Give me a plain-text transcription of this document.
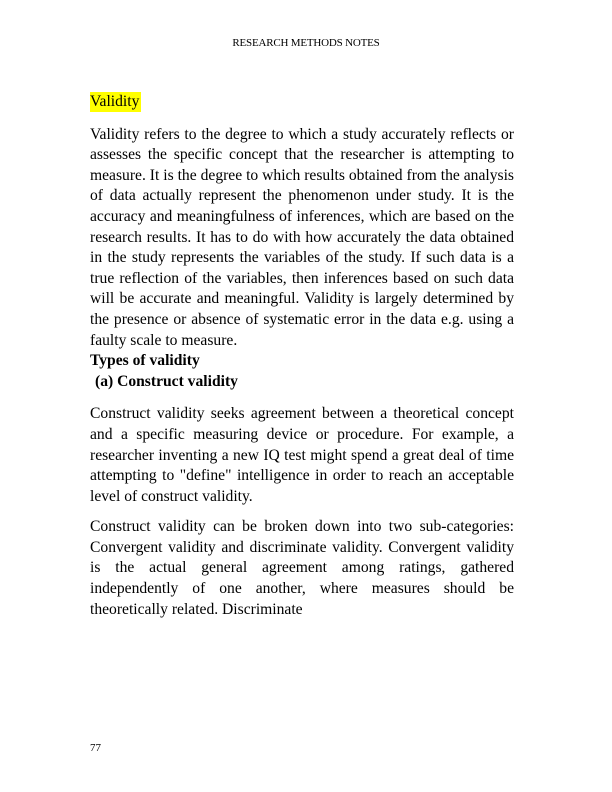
RESEARCH METHODS NOTES
Validity

Validity refers to the degree to which a study accurately reflects or assesses the specific concept that the researcher is attempting to measure. It is the degree to which results obtained from the analysis of data actually represent the phenomenon under study. It is the accuracy and meaningfulness of inferences, which are based on the research results. It has to do with how accurately the data obtained in the study represents the variables of the study. If such data is a true reflection of the variables, then inferences based on such data will be accurate and meaningful. Validity is largely determined by the presence or absence of systematic error in the data e.g. using a faulty scale to measure.

Types of validity

(a) Construct validity

Construct validity seeks agreement between a theoretical concept and a specific measuring device or procedure. For example, a researcher inventing a new IQ test might spend a great deal of time attempting to "define" intelligence in order to reach an acceptable level of construct validity.

Construct validity can be broken down into two sub-categories: Convergent validity and discriminate validity. Convergent validity is the actual general agreement among ratings, gathered independently of one another, where measures should be theoretically related. Discriminate

77
